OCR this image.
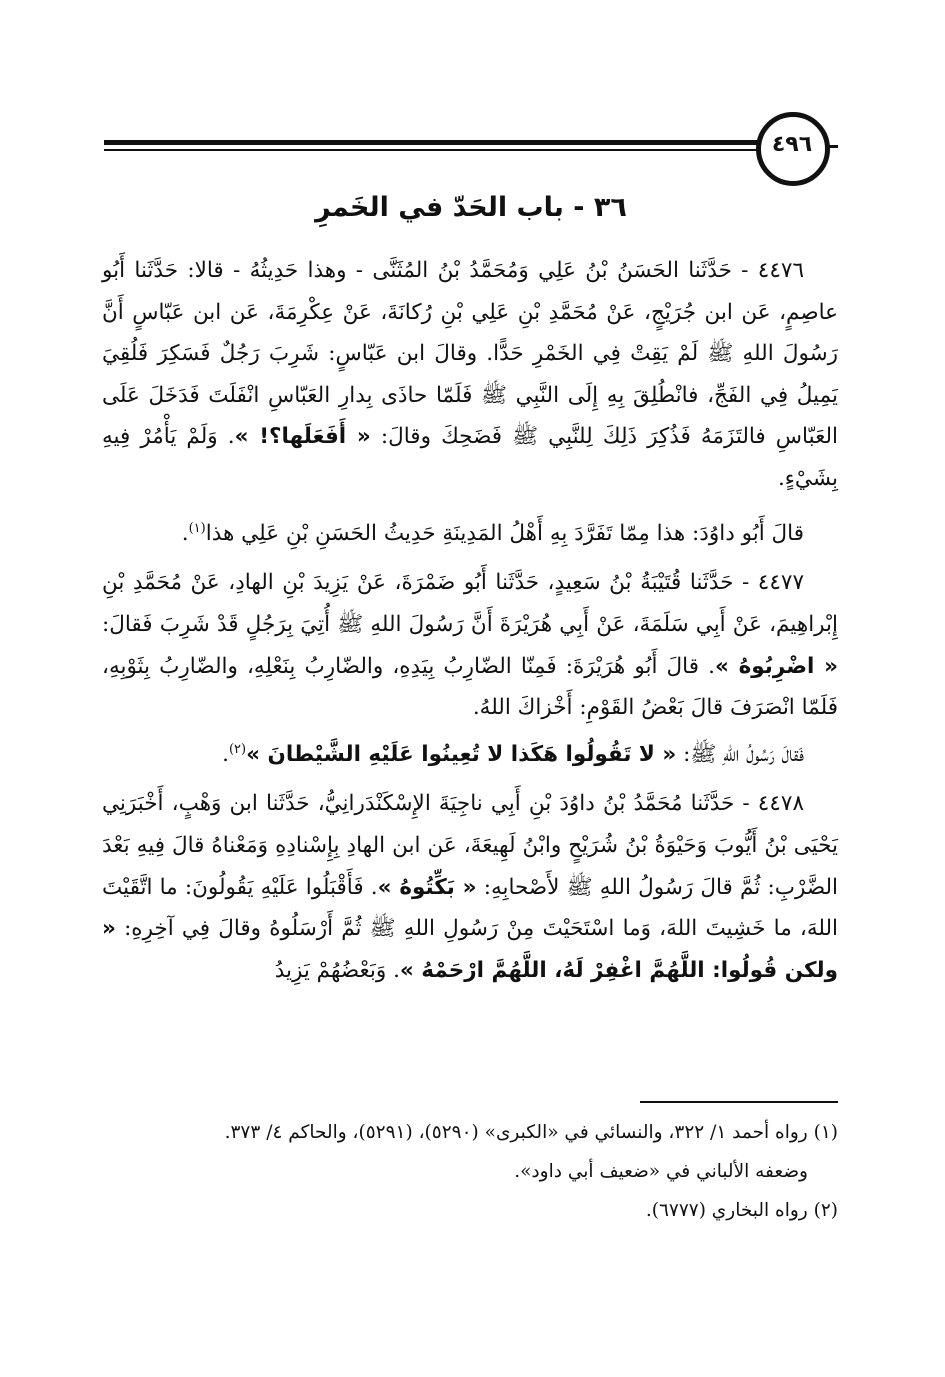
٤٩٦
٣٦ - باب الحَدّ في الخَمرِ

٤٤٧٦ - حَدَّثَنا الحَسَنُ بْنُ عَلِي وَمُحَمَّدُ بْنُ المُثَنَّى - وهذا حَدِيثُهُ - قالا: حَدَّثَنا أَبُو عاصِمٍ، عَن ابن جُرَيْجٍ، عَنْ مُحَمَّدِ بْنِ عَلِي بْنِ رُكانَةَ، عَنْ عِكْرِمَةَ، عَن ابن عَبّاسٍ أَنَّ رَسُولَ اللهِ ﷺ لَمْ يَقِتْ فِي الخَمْرِ حَدًّا. وقالَ ابن عَبّاسٍ: شَرِبَ رَجُلٌ فَسَكِرَ فَلُقِيَ يَمِيلُ فِي الفَجِّ، فانْطُلِقَ بِهِ إِلَى النَّبِي ﷺ فَلَمّا حاذَى بِدارِ العَبّاسِ انْفَلَتَ فَدَخَلَ عَلَى العَبّاسِ فالتَزَمَهُ فَذُكِرَ ذَلِكَ لِلنَّبِي ﷺ فَضَحِكَ وقالَ: « أَفَعَلَها؟! ». وَلَمْ يَأْمُرْ فِيهِ بِشَيْءٍ.

قالَ أَبُو داوُدَ: هذا مِمّا تَفَرَّدَ بِهِ أَهْلُ المَدِينَةِ حَدِيثُ الحَسَنِ بْنِ عَلِي هذا$^{(١)}$.

٤٤٧٧ - حَدَّثَنا قُتَيْبَةُ بْنُ سَعِيدٍ، حَدَّثَنا أَبُو ضَمْرَةَ، عَنْ يَزِيدَ بْنِ الهادِ، عَنْ مُحَمَّدِ بْنِ إِبْراهِيمَ، عَنْ أَبِي سَلَمَةَ، عَنْ أَبِي هُرَيْرَةَ أَنَّ رَسُولَ اللهِ ﷺ أُتِيَ بِرَجُلٍ قَدْ شَرِبَ فَقالَ: « اضْرِبُوهُ ». قالَ أَبُو هُرَيْرَةَ: فَمِنّا الضّارِبُ بِيَدِهِ، والضّارِبُ بِنَعْلِهِ، والضّارِبُ بِثَوْبِهِ، فَلَمّا انْصَرَفَ قالَ بَعْضُ القَوْمِ: أَخْزاكَ اللهُ.

فَقالَ رَسُولُ اللهِ ﷺ: « لا تَقُولُوا هَكَذا لا تُعِينُوا عَلَيْهِ الشَّيْطانَ »$^{(٢)}$.

٤٤٧٨ - حَدَّثَنا مُحَمَّدُ بْنُ داوُدَ بْنِ أَبِي ناجِيَةَ الإِسْكَنْدَرانِيُّ، حَدَّثَنا ابن وَهْبٍ، أَخْبَرَنِي يَحْيَى بْنُ أَيُّوبَ وَحَيْوَةُ بْنُ شُرَيْحٍ وابْنُ لَهِيعَةَ، عَن ابن الهادِ بِإِسْنادِهِ وَمَعْناهُ قالَ فِيهِ بَعْدَ الضَّرْبِ: ثُمَّ قالَ رَسُولُ اللهِ ﷺ لأَصْحابِهِ: « بَكِّتُوهُ ». فَأَقْبَلُوا عَلَيْهِ يَقُولُونَ: ما اتَّقَيْتَ اللهَ، ما خَشِيتَ اللهَ، وَما اسْتَحَيْتَ مِنْ رَسُولِ اللهِ ﷺ ثُمَّ أَرْسَلُوهُ وقالَ فِي آخِرِهِ: « ولكن قُولُوا: اللَّهُمَّ اغْفِرْ لَهُ، اللَّهُمَّ ارْحَمْهُ ». وَبَعْضُهُمْ يَزِيدُ

(١) رواه أحمد ١/ ٣٢٢، والنسائي في «الكبرى» (٥٢٩٠)، (٥٢٩١)، والحاكم ٤/ ٣٧٣.

وضعفه الألباني في «ضعيف أبي داود».

(٢) رواه البخاري (٦٧٧٧).
